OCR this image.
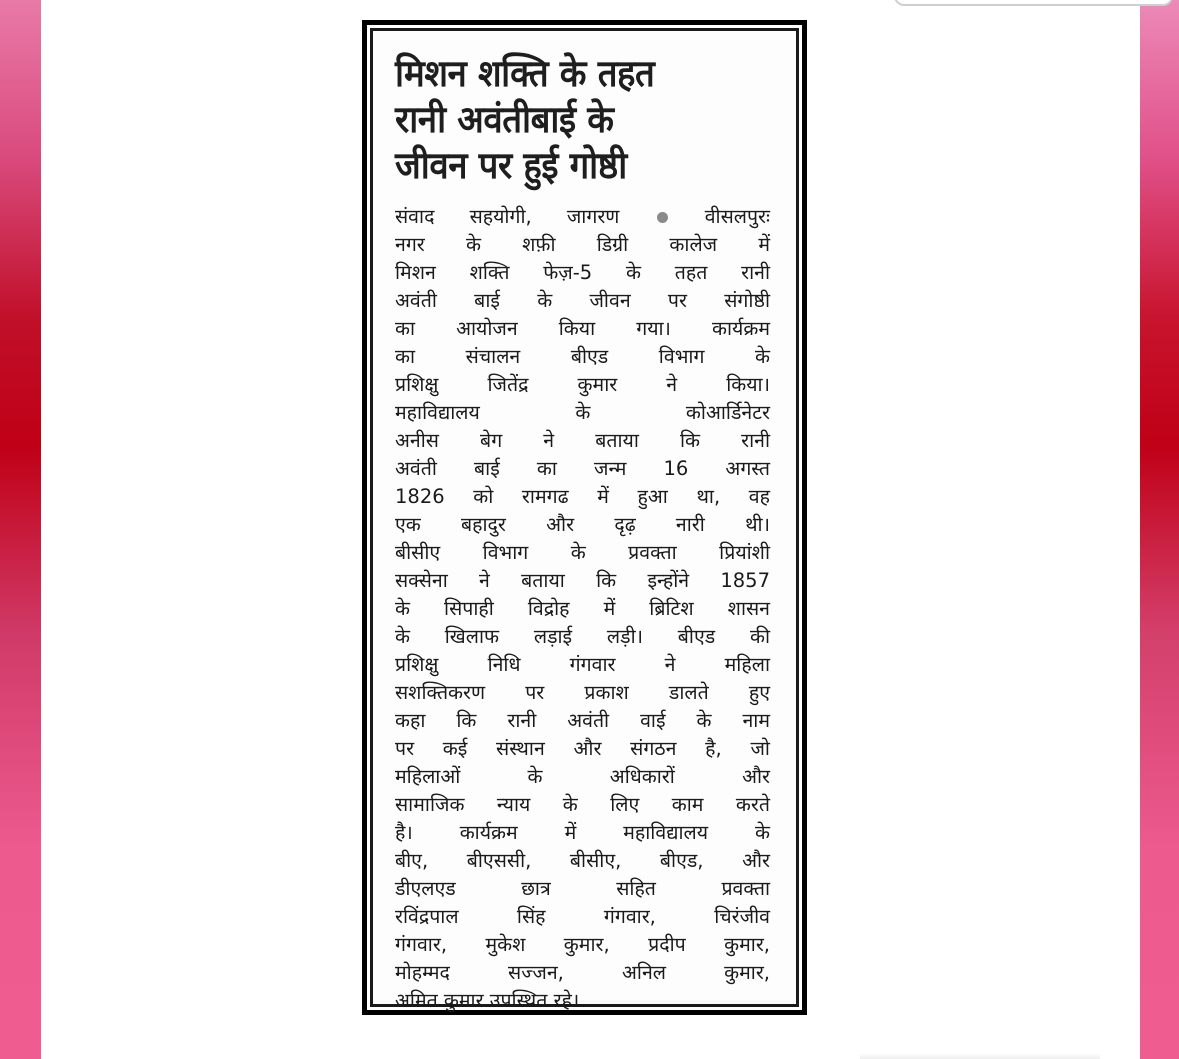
मिशन शक्ति के तहत
रानी अवंतीबाई के
जीवन पर हुई गोष्ठी
संवाद सहयोगी, जागरण	वीसलपुरः
नगर के शफ़ी डिग्री कालेज में
मिशन शक्ति फेज़-5 के तहत रानी
अवंती बाई के जीवन पर संगोष्ठी
का आयोजन किया गया। कार्यक्रम
का संचालन बीएड विभाग के
प्रशिक्षु जितेंद्र कुमार ने किया।
महाविद्यालय के कोआर्डिनेटर
अनीस बेग ने बताया कि रानी
अवंती बाई का जन्म 16 अगस्त
1826 को रामगढ में हुआ था, वह
एक बहादुर और दृढ़ नारी थी।
बीसीए विभाग के प्रवक्ता प्रियांशी
सक्सेना ने बताया कि इन्होंने 1857
के सिपाही विद्रोह में ब्रिटिश शासन
के खिलाफ लड़ाई लड़ी। बीएड की
प्रशिक्षु निधि गंगवार ने महिला
सशक्तिकरण पर प्रकाश डालते हुए
कहा कि रानी अवंती वाई के नाम
पर कई संस्थान और संगठन है, जो
महिलाओं के अधिकारों और
सामाजिक न्याय के लिए काम करते
है। कार्यक्रम में महाविद्यालय के
बीए, बीएससी, बीसीए, बीएड, और
डीएलएड छात्र सहित प्रवक्ता
रविंद्रपाल सिंह गंगवार, चिरंजीव
गंगवार, मुकेश कुमार, प्रदीप कुमार,
मोहम्मद सज्जन, अनिल कुमार,
अमित कुमार उपस्थित रहे।
